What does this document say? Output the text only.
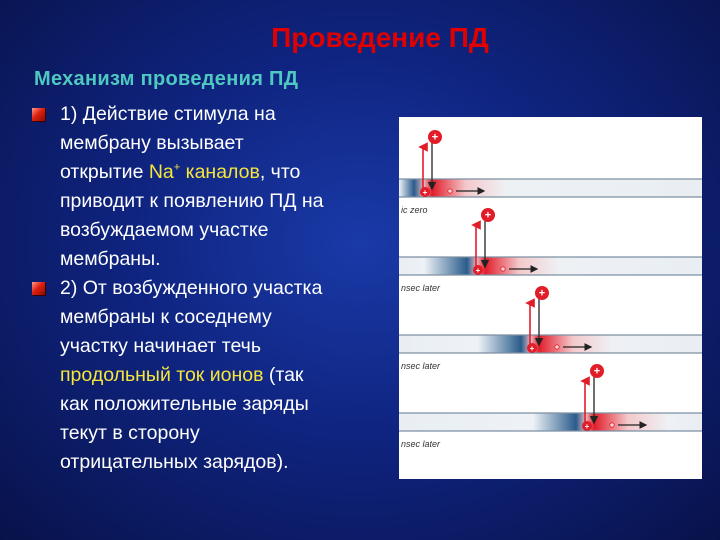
Проведение ПД
Механизм проведения ПД
1) Действие стимула на
мембрану вызывает
открытие Na+ каналов, что
приводит к появлению ПД на
возбуждаемом участке
мембраны.
2) От возбужденного участка
мембраны к соседнему
участку начинает течь
продольный ток ионов (так
как положительные заряды
текут в сторону
отрицательных зарядов).
+
+
ic zero	+
+
nsec later	+
+
nsec later	+
+
nsec later
